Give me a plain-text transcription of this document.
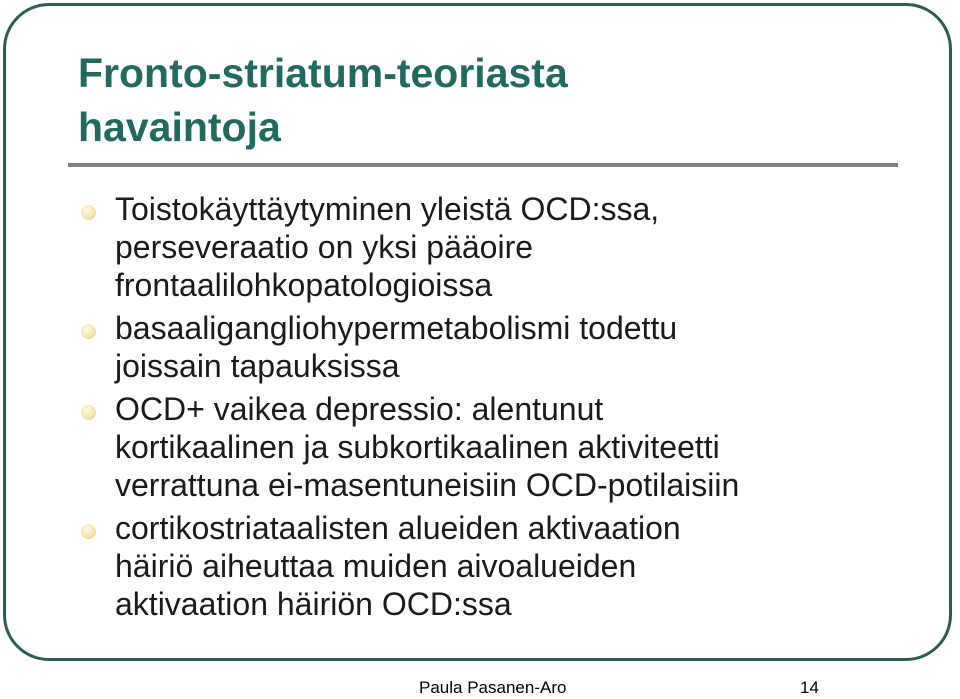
Fronto-striatum-teoriasta
havaintoja
Toistokäyttäytyminen yleistä OCD:ssa,
perseveraatio on yksi pääoire
frontaalilohkopatologioissa
basaaligangliohypermetabolismi todettu
joissain tapauksissa
OCD+ vaikea depressio: alentunut
kortikaalinen ja subkortikaalinen aktiviteetti
verrattuna ei-masentuneisiin OCD-potilaisiin
cortikostriataalisten alueiden aktivaation
häiriö aiheuttaa muiden aivoalueiden
aktivaation häiriön OCD:ssa
Paula Pasanen-Aro	14
